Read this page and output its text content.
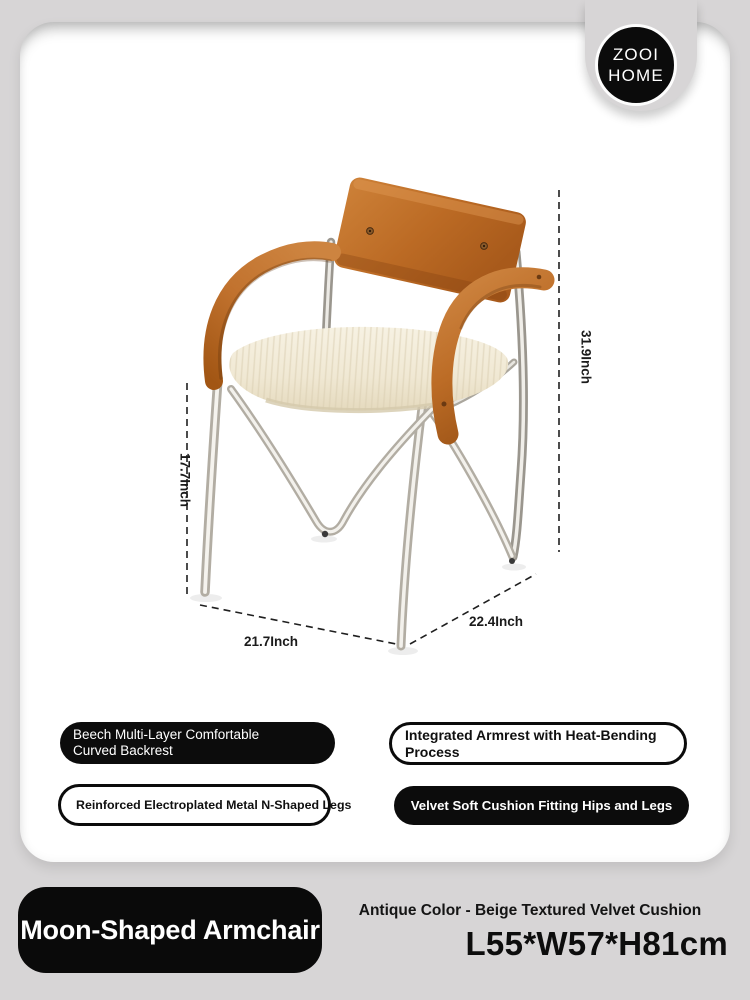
31.9Inch
17.7Inch
21.7Inch
22.4Inch
Beech Multi-Layer Comfortable
Curved Backrest
Integrated Armrest with Heat-Bending
Process
Reinforced Electroplated Metal N-Shaped Legs	Velvet Soft Cushion Fitting Hips and Legs
ZOOI
HOME
Moon-Shaped Armchair
Antique Color - Beige Textured Velvet Cushion
L55*W57*H81cm
